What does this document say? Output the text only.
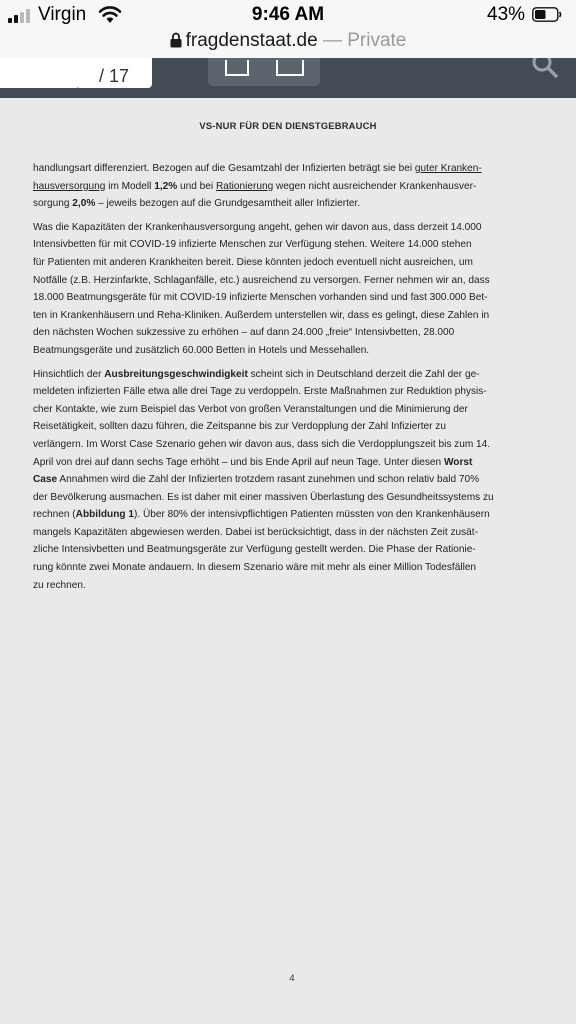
Virgin	9:46 AM	43%
fragdenstaat.de — Private
/ 17
VS-NUR FÜR DEN DIENSTGEBRAUCH

handlungsart differenziert. Bezogen auf die Gesamtzahl der Infizierten beträgt sie bei guter Kranken-
hausversorgung im Modell 1,2% und bei Rationierung wegen nicht ausreichender Krankenhausver-
sorgung 2,0% – jeweils bezogen auf die Grundgesamtheit aller Infizierter.

Was die Kapazitäten der Krankenhausversorgung angeht, gehen wir davon aus, dass derzeit 14.000
Intensivbetten für mit COVID-19 infizierte Menschen zur Verfügung stehen. Weitere 14.000 stehen
für Patienten mit anderen Krankheiten bereit. Diese könnten jedoch eventuell nicht ausreichen, um
Notfälle (z.B. Herzinfarkte, Schlaganfälle, etc.) ausreichend zu versorgen. Ferner nehmen wir an, dass
18.000 Beatmungsgeräte für mit COVID-19 infizierte Menschen vorhanden sind und fast 300.000 Bet-
ten in Krankenhäusern und Reha-Kliniken. Außerdem unterstellen wir, dass es gelingt, diese Zahlen in
den nächsten Wochen sukzessive zu erhöhen – auf dann 24.000 „freie“ Intensivbetten, 28.000
Beatmungsgeräte und zusätzlich 60.000 Betten in Hotels und Messehallen.

Hinsichtlich der Ausbreitungsgeschwindigkeit scheint sich in Deutschland derzeit die Zahl der ge-
meldeten infizierten Fälle etwa alle drei Tage zu verdoppeln. Erste Maßnahmen zur Reduktion physis-
cher Kontakte, wie zum Beispiel das Verbot von großen Veranstaltungen und die Minimierung der
Reisetätigkeit, sollten dazu führen, die Zeitspanne bis zur Verdopplung der Zahl Infizierter zu
verlängern. Im Worst Case Szenario gehen wir davon aus, dass sich die Verdopplungszeit bis zum 14.
April von drei auf dann sechs Tage erhöht – und bis Ende April auf neun Tage. Unter diesen Worst
Case Annahmen wird die Zahl der Infizierten trotzdem rasant zunehmen und schon relativ bald 70%
der Bevölkerung ausmachen. Es ist daher mit einer massiven Überlastung des Gesundheitssystems zu
rechnen (Abbildung 1). Über 80% der intensivpflichtigen Patienten müssten von den Krankenhäusern
mangels Kapazitäten abgewiesen werden. Dabei ist berücksichtigt, dass in der nächsten Zeit zusät-
zliche Intensivbetten und Beatmungsgeräte zur Verfügung gestellt werden. Die Phase der Rationie-
rung könnte zwei Monate andauern. In diesem Szenario wäre mit mehr als einer Million Todesfällen
zu rechnen.

4
